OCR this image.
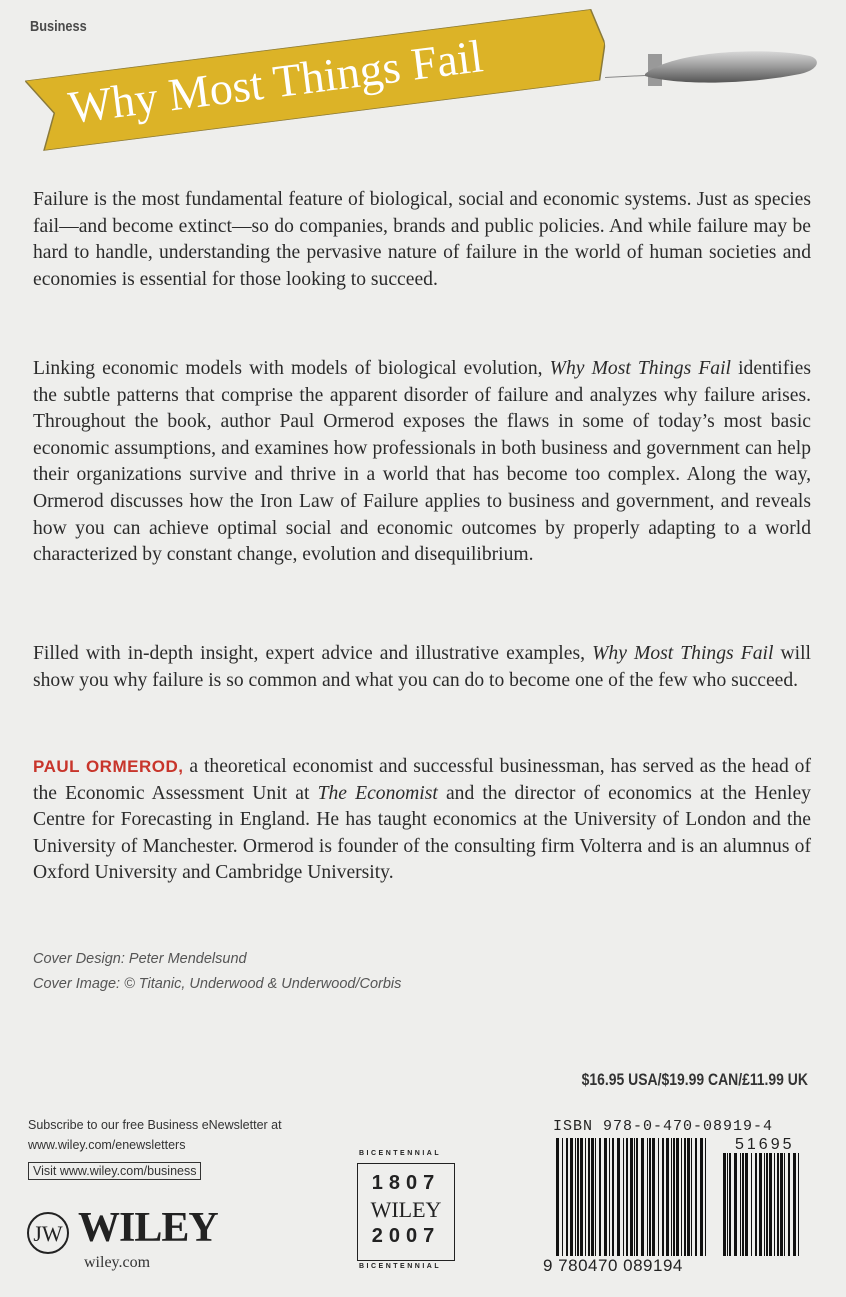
Business
Why Most Things Fail

Failure is the most fundamental feature of biological, social and economic systems. Just as species fail—and become extinct—so do companies, brands and public policies. And while failure may be hard to handle, understanding the pervasive nature of failure in the world of human societies and economies is essential for those looking to succeed.

Linking economic models with models of biological evolution, Why Most Things Fail identifies the subtle patterns that comprise the apparent disorder of failure and analyzes why failure arises. Throughout the book, author Paul Ormerod exposes the flaws in some of today’s most basic economic assumptions, and examines how professionals in both business and government can help their organizations survive and thrive in a world that has become too complex. Along the way, Ormerod discusses how the Iron Law of Failure applies to business and government, and reveals how you can achieve optimal social and economic outcomes by properly adapting to a world characterized by constant change, evolution and disequilibrium.

Filled with in-depth insight, expert advice and illustrative examples, Why Most Things Fail will show you why failure is so common and what you can do to become one of the few who succeed.

PAUL ORMEROD, a theoretical economist and successful businessman, has served as the head of the Economic Assessment Unit at The Economist and the director of economics at the Henley Centre for Forecasting in England. He has taught economics at the University of London and the University of Manchester. Ormerod is founder of the consulting firm Volterra and is an alumnus of Oxford University and Cambridge University.

Cover Design: Peter Mendelsund
Cover Image: © Titanic, Underwood & Underwood/Corbis
$16.95 USA/$19.99 CAN/£11.99 UK
Subscribe to our free Business eNewsletter at
www.wiley.com/enewsletters
Visit www.wiley.com/business
JW WILEY
wiley.com
BICENTENNIAL
1807
WILEY
2007
BICENTENNIAL
ISBN 978-0-470-08919-4
51695
9 780470 089194
